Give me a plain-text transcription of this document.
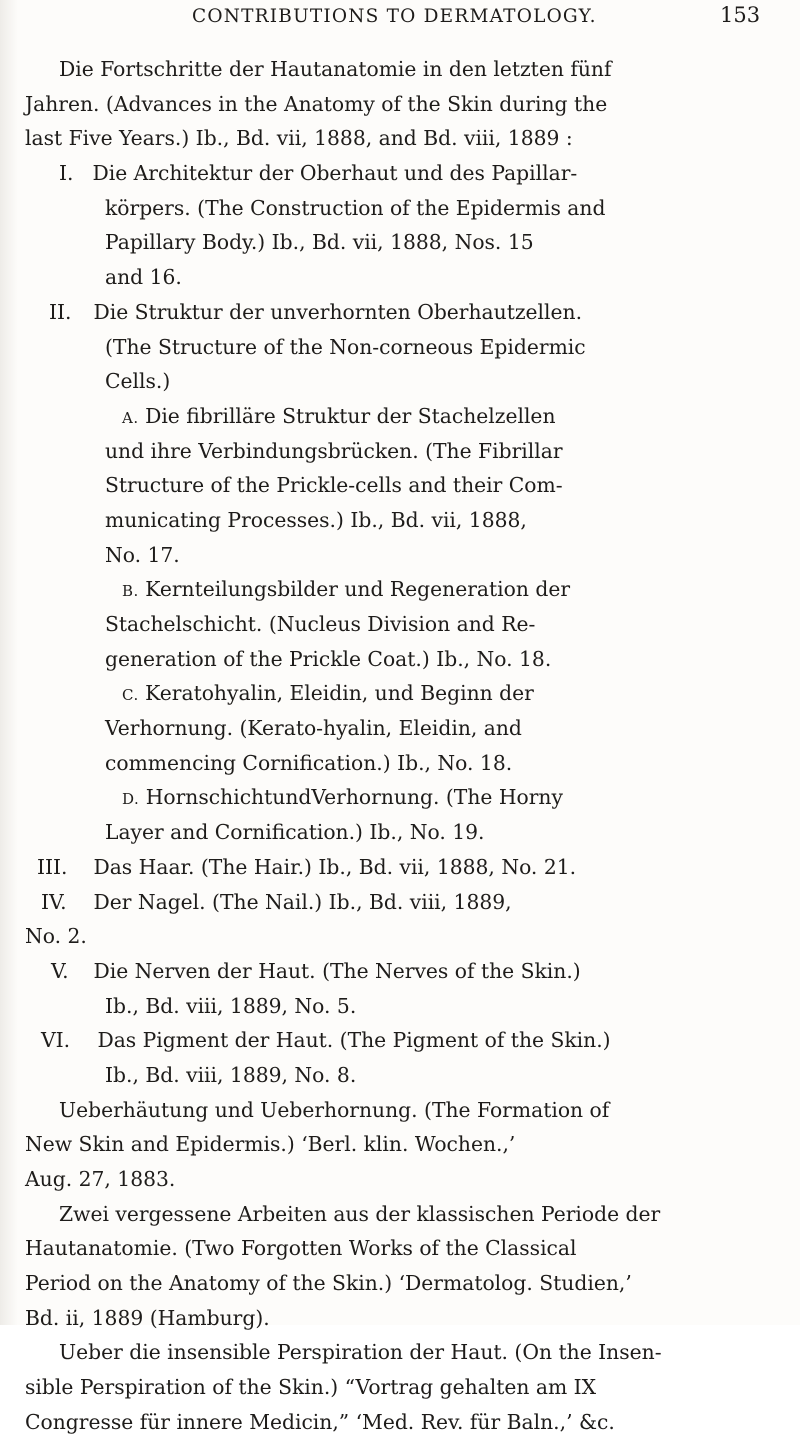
CONTRIBUTIONS TO DERMATOLOGY.	153
Die Fortschritte der Hautanatomie in den letzten fünf
Jahren. (Advances in the Anatomy of the Skin during the
last Five Years.) Ib., Bd. vii, 1888, and Bd. viii, 1889 :
I. Die Architektur der Oberhaut und des Papillar-
körpers. (The Construction of the Epidermis and
Papillary Body.) Ib., Bd. vii, 1888, Nos. 15
and 16.
II. Die Struktur der unverhornten Oberhautzellen.
(The Structure of the Non-corneous Epidermic
Cells.)
A. Die fibrilläre Struktur der Stachelzellen
und ihre Verbindungsbrücken. (The Fibrillar
Structure of the Prickle-cells and their Com-
municating Processes.) Ib., Bd. vii, 1888,
No. 17.
B. Kernteilungsbilder und Regeneration der
Stachelschicht. (Nucleus Division and Re-
generation of the Prickle Coat.) Ib., No. 18.
C. Keratohyalin, Eleidin, und Beginn der
Verhornung. (Kerato-hyalin, Eleidin, and
commencing Cornification.) Ib., No. 18.
D. HornschichtundVerhornung. (The Horny
Layer and Cornification.) Ib., No. 19.
III. Das Haar. (The Hair.) Ib., Bd. vii, 1888, No. 21.
IV. Der Nagel. (The Nail.) Ib., Bd. viii, 1889,
No. 2.
V. Die Nerven der Haut. (The Nerves of the Skin.)
Ib., Bd. viii, 1889, No. 5.
VI. Das Pigment der Haut. (The Pigment of the Skin.)
Ib., Bd. viii, 1889, No. 8.
Ueberhäutung und Ueberhornung. (The Formation of
New Skin and Epidermis.) ‘Berl. klin. Wochen.,’
Aug. 27, 1883.
Zwei vergessene Arbeiten aus der klassischen Periode der
Hautanatomie. (Two Forgotten Works of the Classical
Period on the Anatomy of the Skin.) ‘Dermatolog. Studien,’
Bd. ii, 1889 (Hamburg).
Ueber die insensible Perspiration der Haut. (On the Insen-
sible Perspiration of the Skin.) “Vortrag gehalten am IX
Congresse für innere Medicin,” ‘Med. Rev. für Baln.,’ &c.
